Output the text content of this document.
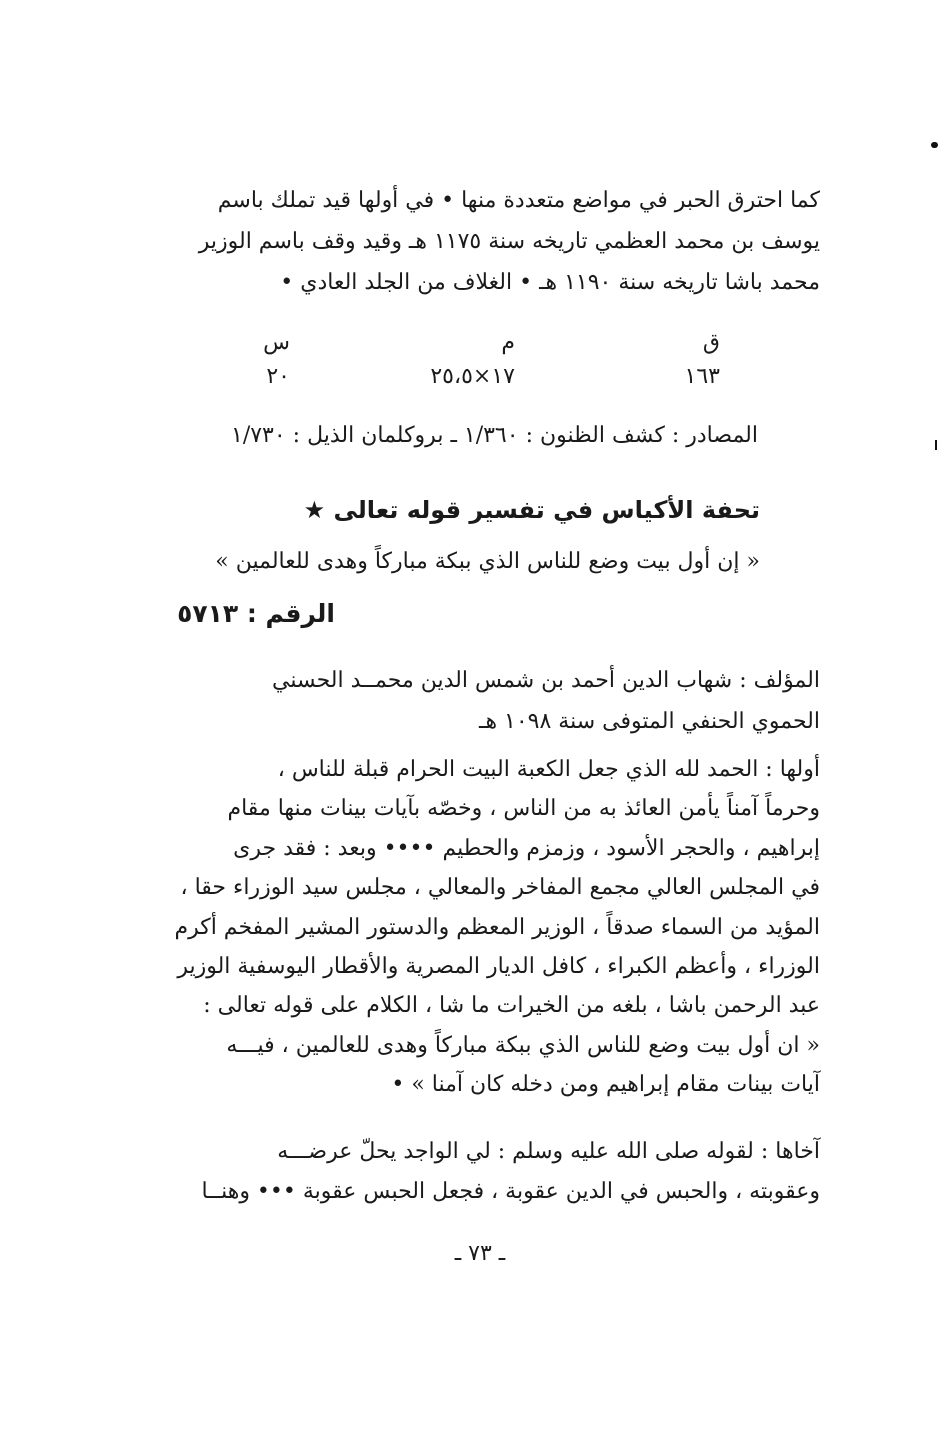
كما احترق الحبر في مواضع متعددة منها • في أولها قيد تملك باسم
يوسف بن محمد العظمي تاريخه سنة ١١٧٥ هـ وقيد وقف باسم الوزير
محمد باشا تاريخه سنة ١١٩٠ هـ • الغلاف من الجلد العادي •
ق
م
س
١٦٣
١٧×٢٥،٥
٢٠
المصادر : كشف الظنون : ١/٣٦٠ ـ بروكلمان الذيل : ١/٧٣٠
تحفة الأكياس في تفسير قوله تعالى ★
« إن أول بيت وضع للناس الذي ببكة مباركاً وهدى للعالمين »
الرقم : ٥٧١٣
المؤلف : شهاب الدين أحمد بن شمس الدين محمــد الحسني
الحموي الحنفي المتوفى سنة ١٠٩٨ هـ
أولها : الحمد لله الذي جعل الكعبة البيت الحرام قبلة للناس ،
وحرماً آمناً يأمن العائذ به من الناس ، وخصّه بآيات بينات منها مقام
إبراهيم ، والحجر الأسود ، وزمزم والحطيم •••• وبعد : فقد جرى
في المجلس العالي مجمع المفاخر والمعالي ، مجلس سيد الوزراء حقا ،
المؤيد من السماء صدقاً ، الوزير المعظم والدستور المشير المفخم أكرم
الوزراء ، وأعظم الكبراء ، كافل الديار المصرية والأقطار اليوسفية الوزير
عبد الرحمن باشا ، بلغه من الخيرات ما شا ، الكلام على قوله تعالى :
« ان أول بيت وضع للناس الذي ببكة مباركاً وهدى للعالمين ، فيـــه
آيات بينات مقام إبراهيم ومن دخله كان آمنا » •
آخاها : لقوله صلى الله عليه وسلم : لي الواجد يحلّ عرضـــه
وعقوبته ، والحبس في الدين عقوبة ، فجعل الحبس عقوبة ••• وهنــا
ـ ٧٣ ـ
